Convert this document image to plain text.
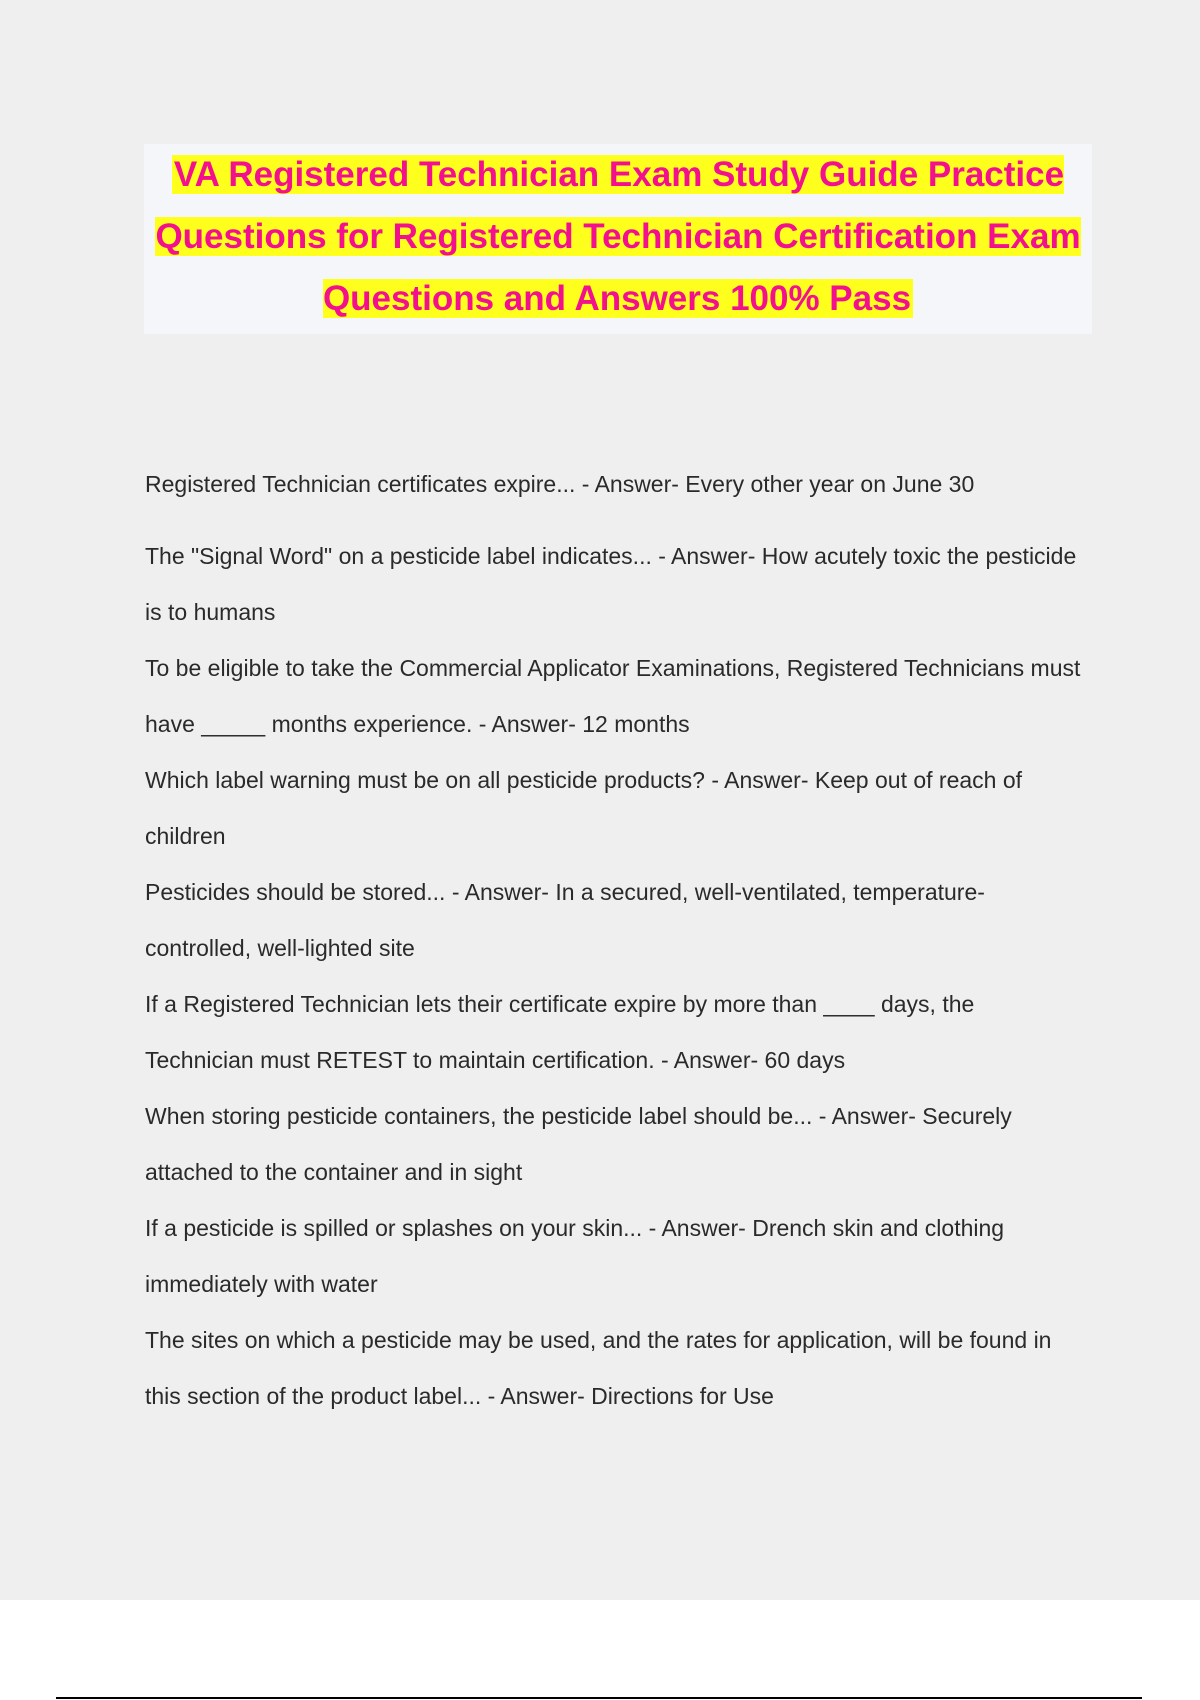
VA Registered Technician Exam Study Guide Practice Questions for Registered Technician Certification Exam Questions and Answers 100% Pass

Registered Technician certificates expire... - Answer- Every other year on June 30

The "Signal Word" on a pesticide label indicates... - Answer- How acutely toxic the pesticide is to humans

To be eligible to take the Commercial Applicator Examinations, Registered Technicians must have _____ months experience. - Answer- 12 months

Which label warning must be on all pesticide products? - Answer- Keep out of reach of children

Pesticides should be stored... - Answer- In a secured, well-ventilated, temperature-controlled, well-lighted site

If a Registered Technician lets their certificate expire by more than ____ days, the Technician must RETEST to maintain certification. - Answer- 60 days

When storing pesticide containers, the pesticide label should be... - Answer- Securely attached to the container and in sight

If a pesticide is spilled or splashes on your skin... - Answer- Drench skin and clothing immediately with water

The sites on which a pesticide may be used, and the rates for application, will be found in this section of the product label... - Answer- Directions for Use
